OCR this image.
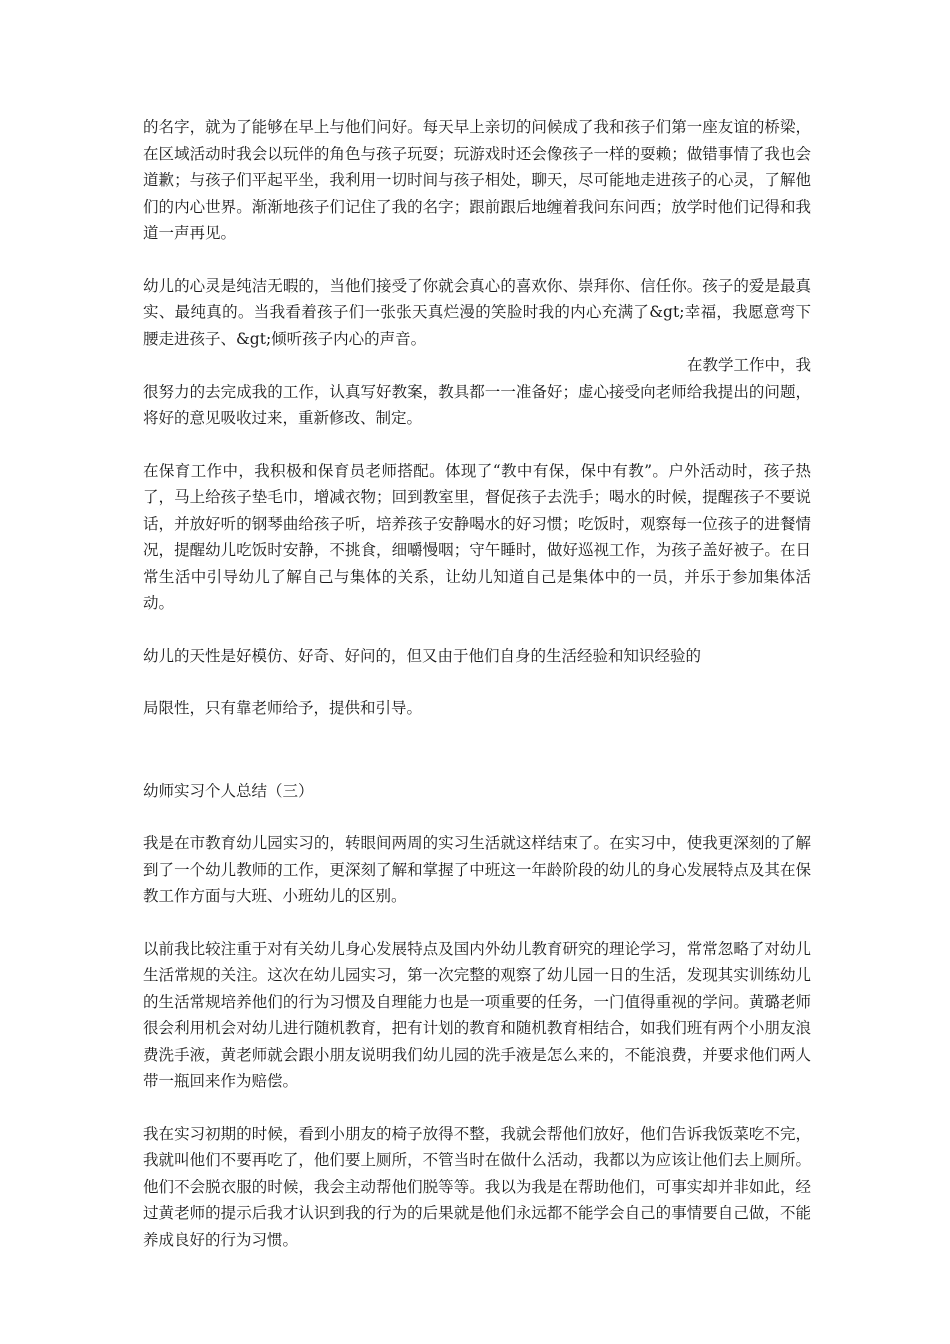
的名字，就为了能够在早上与他们问好。每天早上亲切的问候成了我和孩子们第一座友谊的桥梁，在区域活动时我会以玩伴的角色与孩子玩耍；玩游戏时还会像孩子一样的耍赖；做错事情了我也会道歉；与孩子们平起平坐，我利用一切时间与孩子相处，聊天，尽可能地走进孩子的心灵，了解他们的内心世界。渐渐地孩子们记住了我的名字；跟前跟后地缠着我问东问西；放学时他们记得和我道一声再见。

幼儿的心灵是纯洁无暇的，当他们接受了你就会真心的喜欢你、崇拜你、信任你。孩子的爱是最真实、最纯真的。当我看着孩子们一张张天真烂漫的笑脸时我的内心充满了&gt;幸福，我愿意弯下腰走进孩子、&gt;倾听孩子内心的声音。

在教学工作中，我

很努力的去完成我的工作，认真写好教案，教具都一一准备好；虚心接受向老师给我提出的问题，将好的意见吸收过来，重新修改、制定。

在保育工作中，我积极和保育员老师搭配。体现了“教中有保，保中有教”。户外活动时，孩子热了，马上给孩子垫毛巾，增减衣物；回到教室里，督促孩子去洗手；喝水的时候，提醒孩子不要说话，并放好听的钢琴曲给孩子听，培养孩子安静喝水的好习惯；吃饭时，观察每一位孩子的进餐情况，提醒幼儿吃饭时安静，不挑食，细嚼慢咽；守午睡时，做好巡视工作，为孩子盖好被子。在日常生活中引导幼儿了解自己与集体的关系，让幼儿知道自己是集体中的一员，并乐于参加集体活动。

幼儿的天性是好模仿、好奇、好问的，但又由于他们自身的生活经验和知识经验的

局限性，只有靠老师给予，提供和引导。

幼师实习个人总结（三）

我是在市教育幼儿园实习的，转眼间两周的实习生活就这样结束了。在实习中，使我更深刻的了解到了一个幼儿教师的工作，更深刻了解和掌握了中班这一年龄阶段的幼儿的身心发展特点及其在保教工作方面与大班、小班幼儿的区别。

以前我比较注重于对有关幼儿身心发展特点及国内外幼儿教育研究的理论学习，常常忽略了对幼儿生活常规的关注。这次在幼儿园实习，第一次完整的观察了幼儿园一日的生活，发现其实训练幼儿的生活常规培养他们的行为习惯及自理能力也是一项重要的任务，一门值得重视的学问。黄璐老师很会利用机会对幼儿进行随机教育，把有计划的教育和随机教育相结合，如我们班有两个小朋友浪费洗手液，黄老师就会跟小朋友说明我们幼儿园的洗手液是怎么来的，不能浪费，并要求他们两人带一瓶回来作为赔偿。

我在实习初期的时候，看到小朋友的椅子放得不整，我就会帮他们放好，他们告诉我饭菜吃不完，我就叫他们不要再吃了，他们要上厕所，不管当时在做什么活动，我都以为应该让他们去上厕所。他们不会脱衣服的时候，我会主动帮他们脱等等。我以为我是在帮助他们，可事实却并非如此，经过黄老师的提示后我才认识到我的行为的后果就是他们永远都不能学会自己的事情要自己做，不能养成良好的行为习惯。
